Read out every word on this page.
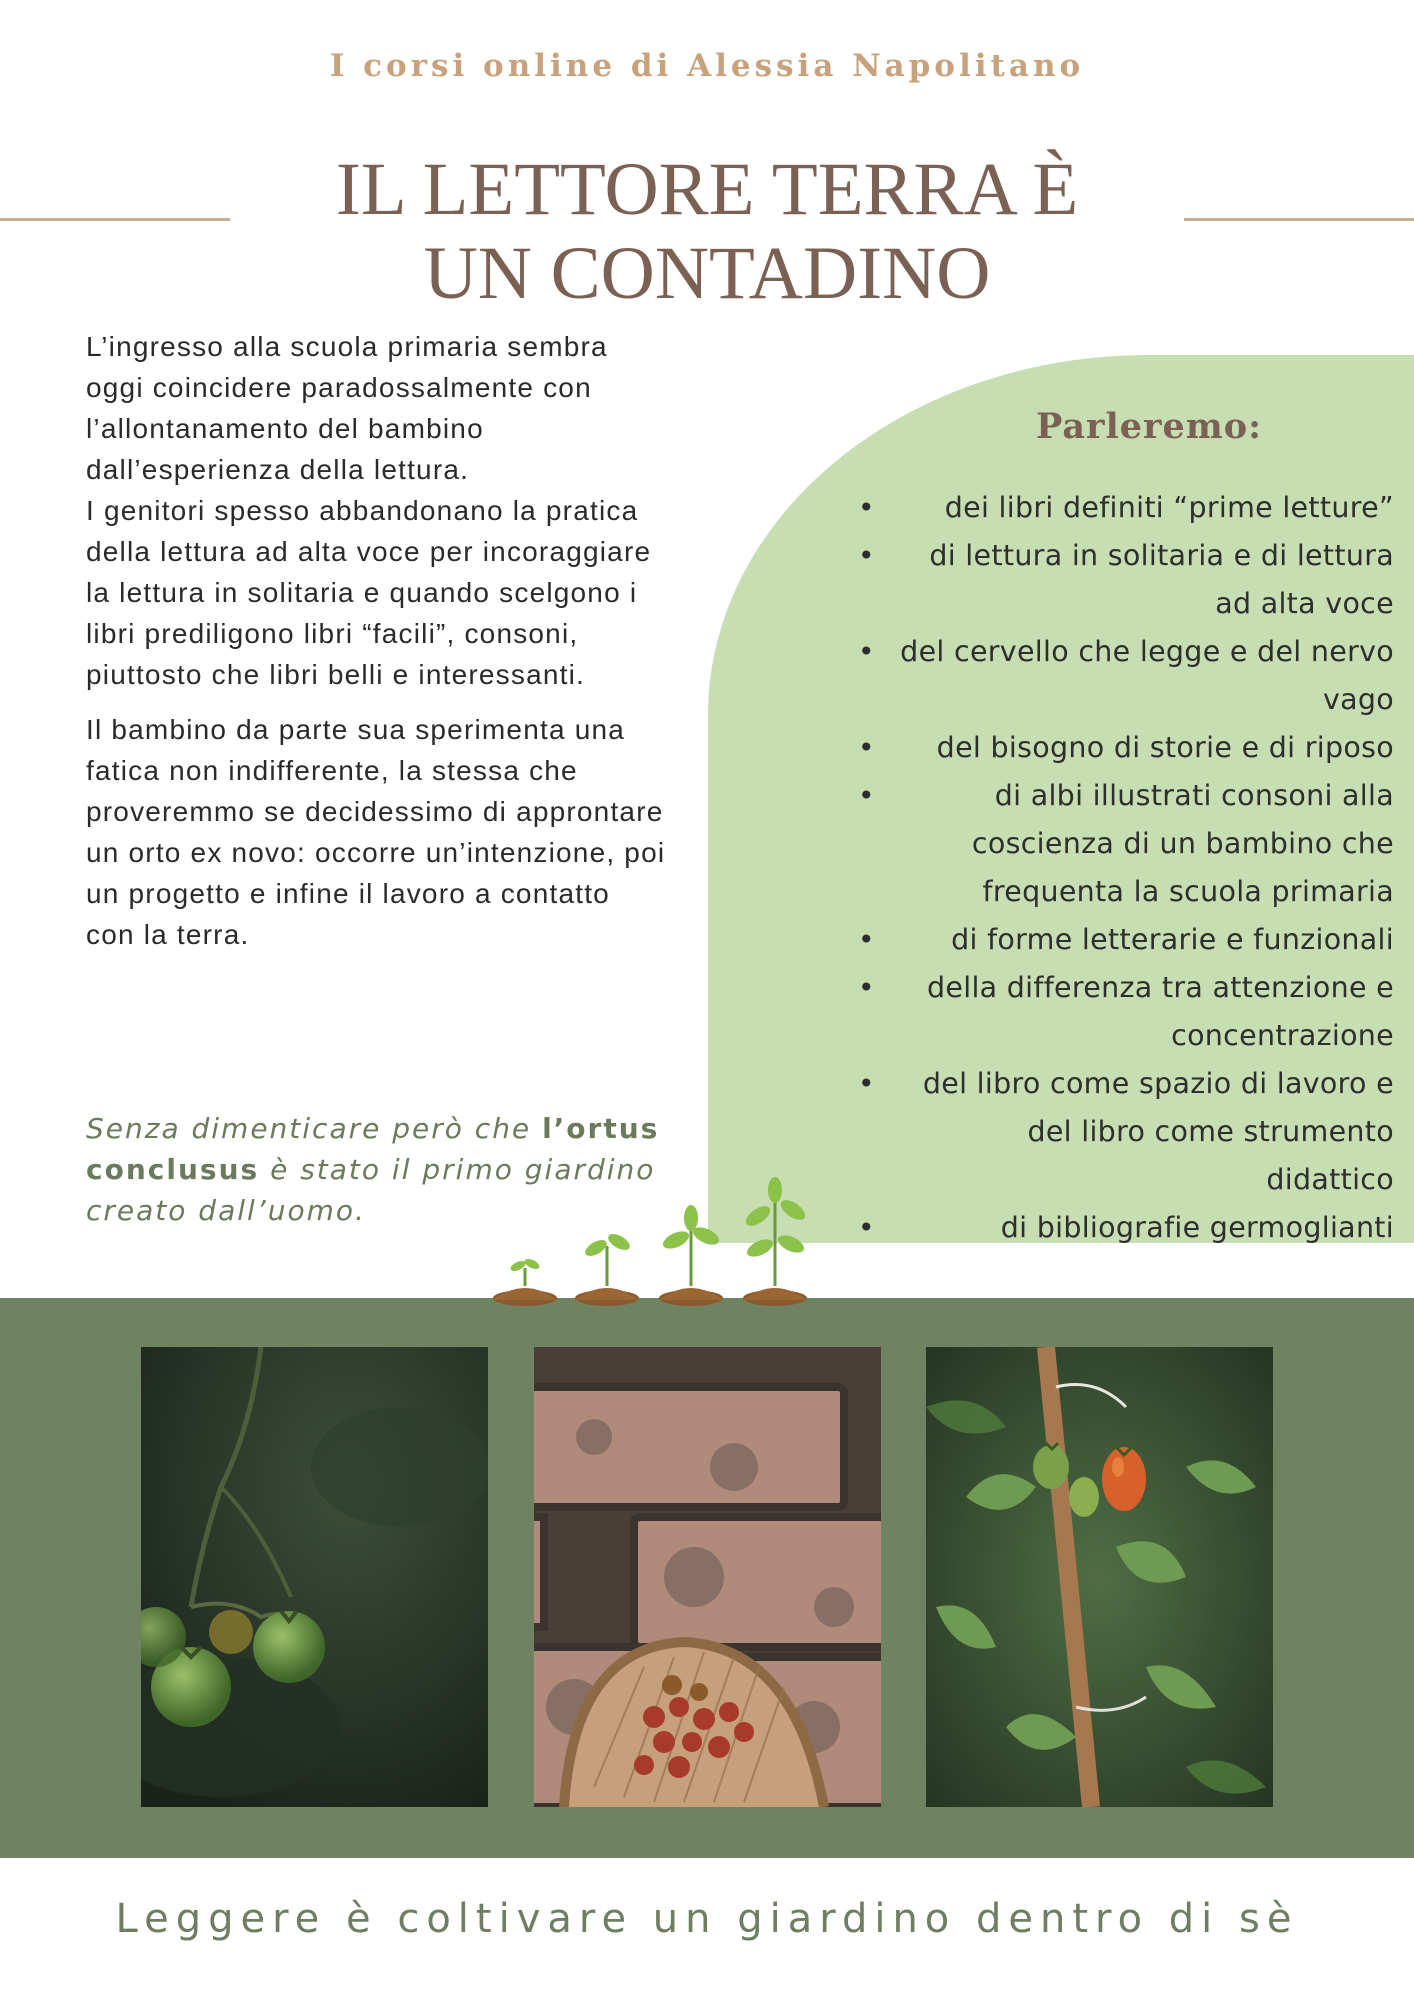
I corsi online di Alessia Napolitano
IL LETTORE TERRA È
UN CONTADINO

L’ingresso alla scuola primaria sembra oggi coincidere paradossalmente con l’allontanamento del bambino dall’esperienza della lettura.
I genitori spesso abbandonano la pratica della lettura ad alta voce per incoraggiare la lettura in solitaria e quando scelgono i libri prediligono libri “facili”, consoni, piuttosto che libri belli e interessanti.

Il bambino da parte sua sperimenta una fatica non indifferente, la stessa che proveremmo se decidessimo di approntare un orto ex novo: occorre un’intenzione, poi un progetto e infine il lavoro a contatto con la terra.

Senza dimenticare però che l’ortus conclusus è stato il primo giardino creato dall’uomo.
Parleremo:
• dei libri definiti “prime letture”
• di lettura in solitaria e di lettura ad alta voce
• del cervello che legge e del nervo vago
• del bisogno di storie e di riposo
•	di albi illustrati consoni alla coscienza di un bambino che frequenta la scuola primaria
•	di forme letterarie e funzionali
• della differenza tra attenzione e concentrazione
• del libro come spazio di lavoro e del libro come strumento didattico
•	di bibliografie germoglianti
Leggere è coltivare un giardino dentro di sè
